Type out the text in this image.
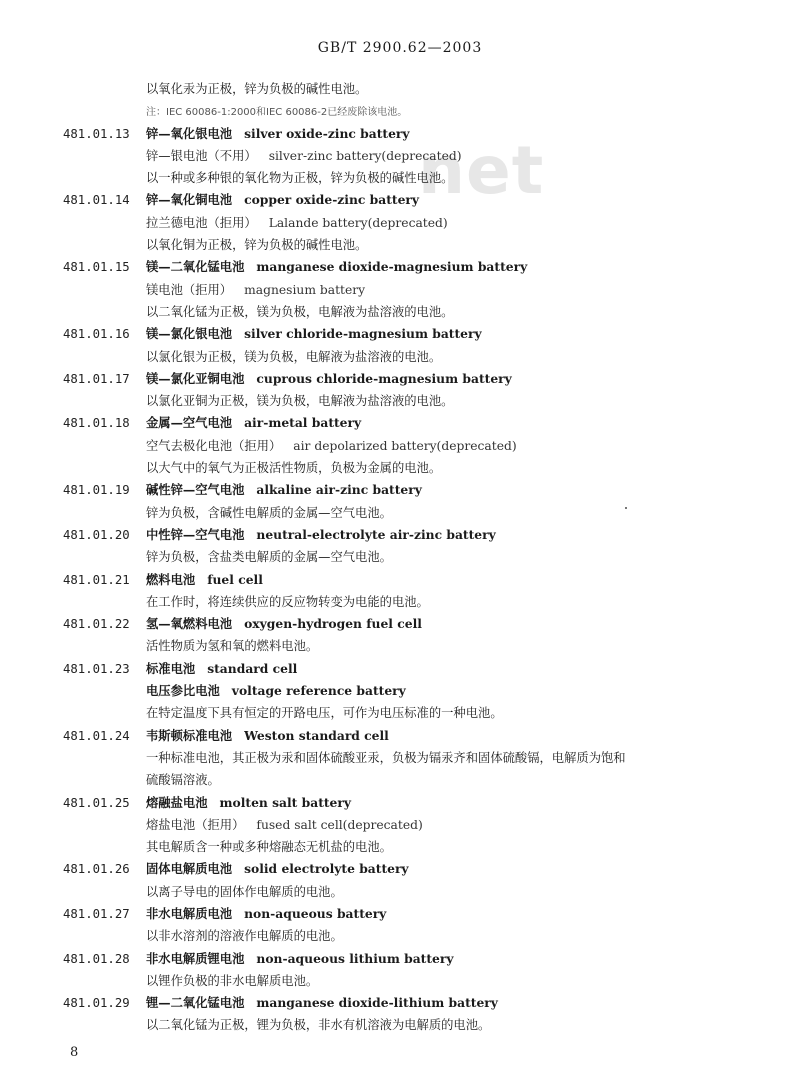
GB/T 2900.62—2003
net
以氧化汞为正极，锌为负极的碱性电池。
注：IEC 60086-1:2000和IEC 60086-2已经废除该电池。
481.01.13 锌—氧化银电池 silver oxide-zinc battery
锌—银电池（不用） silver-zinc battery(deprecated)
以一种或多种银的氧化物为正极，锌为负极的碱性电池。
481.01.14 锌—氧化铜电池 copper oxide-zinc battery
拉兰德电池（拒用） Lalande battery(deprecated)
以氧化铜为正极，锌为负极的碱性电池。
481.01.15 镁—二氧化锰电池 manganese dioxide-magnesium battery
镁电池（拒用） magnesium battery
以二氧化锰为正极，镁为负极，电解液为盐溶液的电池。
481.01.16 镁—氯化银电池 silver chloride-magnesium battery
以氯化银为正极，镁为负极，电解液为盐溶液的电池。
481.01.17 镁—氯化亚铜电池 cuprous chloride-magnesium battery
以氯化亚铜为正极，镁为负极，电解液为盐溶液的电池。
481.01.18 金属—空气电池 air-metal battery
空气去极化电池（拒用） air depolarized battery(deprecated)
以大气中的氧气为正极活性物质，负极为金属的电池。
481.01.19 碱性锌—空气电池 alkaline air-zinc battery
锌为负极，含碱性电解质的金属—空气电池。
481.01.20 中性锌—空气电池 neutral-electrolyte air-zinc battery
锌为负极，含盐类电解质的金属—空气电池。
481.01.21 燃料电池 fuel cell
在工作时，将连续供应的反应物转变为电能的电池。
481.01.22 氢—氧燃料电池 oxygen-hydrogen fuel cell
活性物质为氢和氧的燃料电池。
481.01.23 标准电池 standard cell
电压参比电池 voltage reference battery
在特定温度下具有恒定的开路电压，可作为电压标准的一种电池。
481.01.24 韦斯顿标准电池 Weston standard cell
一种标准电池，其正极为汞和固体硫酸亚汞，负极为镉汞齐和固体硫酸镉，电解质为饱和
硫酸镉溶液。
481.01.25 熔融盐电池 molten salt battery
熔盐电池（拒用） fused salt cell(deprecated)
其电解质含一种或多种熔融态无机盐的电池。
481.01.26 固体电解质电池 solid electrolyte battery
以离子导电的固体作电解质的电池。
481.01.27 非水电解质电池 non-aqueous battery
以非水溶剂的溶液作电解质的电池。
481.01.28 非水电解质锂电池 non-aqueous lithium battery
以锂作负极的非水电解质电池。
481.01.29 锂—二氧化锰电池 manganese dioxide-lithium battery
以二氧化锰为正极，锂为负极，非水有机溶液为电解质的电池。
8
